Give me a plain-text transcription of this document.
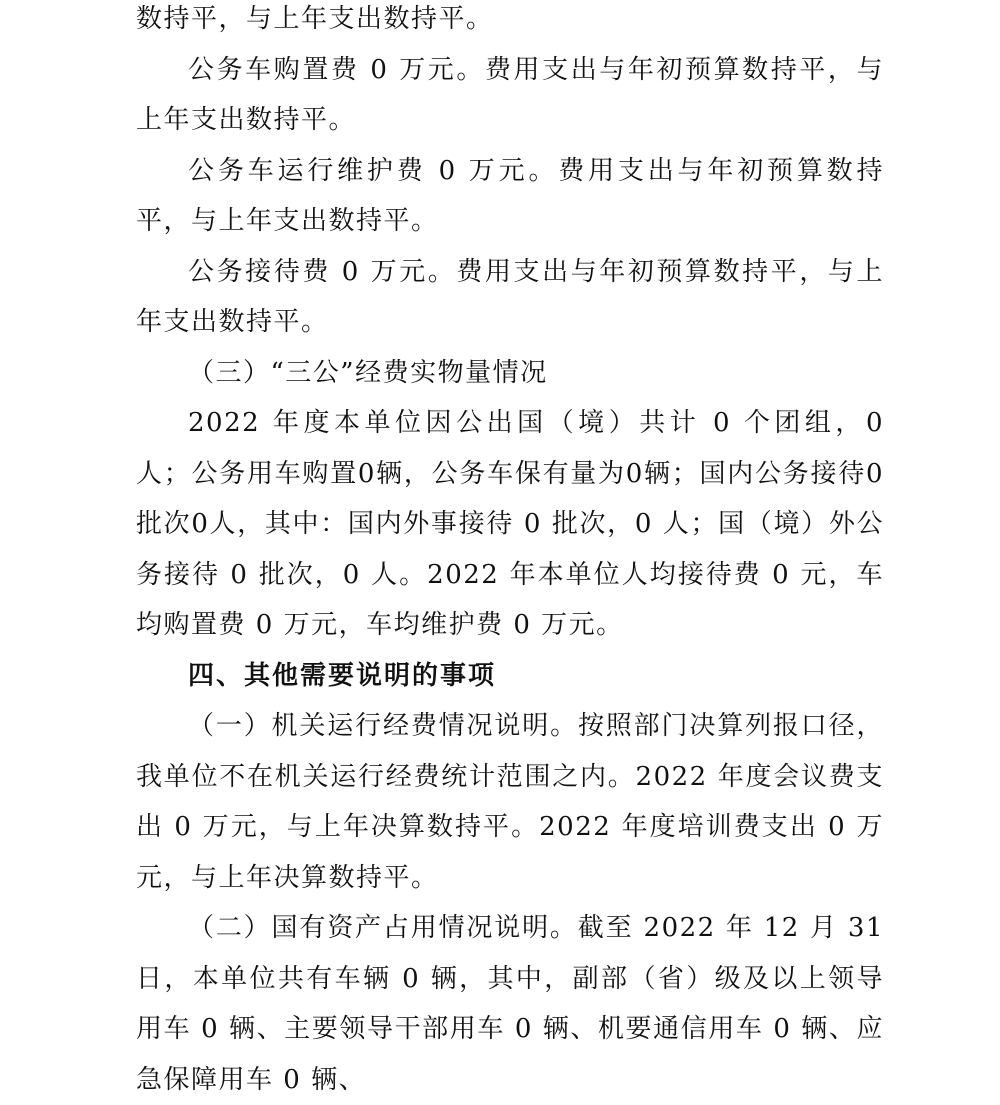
数持平，与上年支出数持平。

公务车购置费 0 万元。费用支出与年初预算数持平，与上年支出数持平。

公务车运行维护费 0 万元。费用支出与年初预算数持平，与上年支出数持平。

公务接待费 0 万元。费用支出与年初预算数持平，与上年支出数持平。

（三）“三公”经费实物量情况

2022 年度本单位因公出国（境）共计 0 个团组，0 人；公务用车购置0辆，公务车保有量为0辆；国内公务接待0批次0人，其中：国内外事接待 0 批次，0 人；国（境）外公务接待 0 批次，0 人。2022 年本单位人均接待费 0 元，车均购置费 0 万元，车均维护费 0 万元。

四、其他需要说明的事项

（一）机关运行经费情况说明。按照部门决算列报口径，我单位不在机关运行经费统计范围之内。2022 年度会议费支出 0 万元，与上年决算数持平。2022 年度培训费支出 0 万元，与上年决算数持平。

（二）国有资产占用情况说明。截至 2022 年 12 月 31 日，本单位共有车辆 0 辆，其中，副部（省）级及以上领导用车 0 辆、主要领导干部用车 0 辆、机要通信用车 0 辆、应急保障用车 0 辆、
